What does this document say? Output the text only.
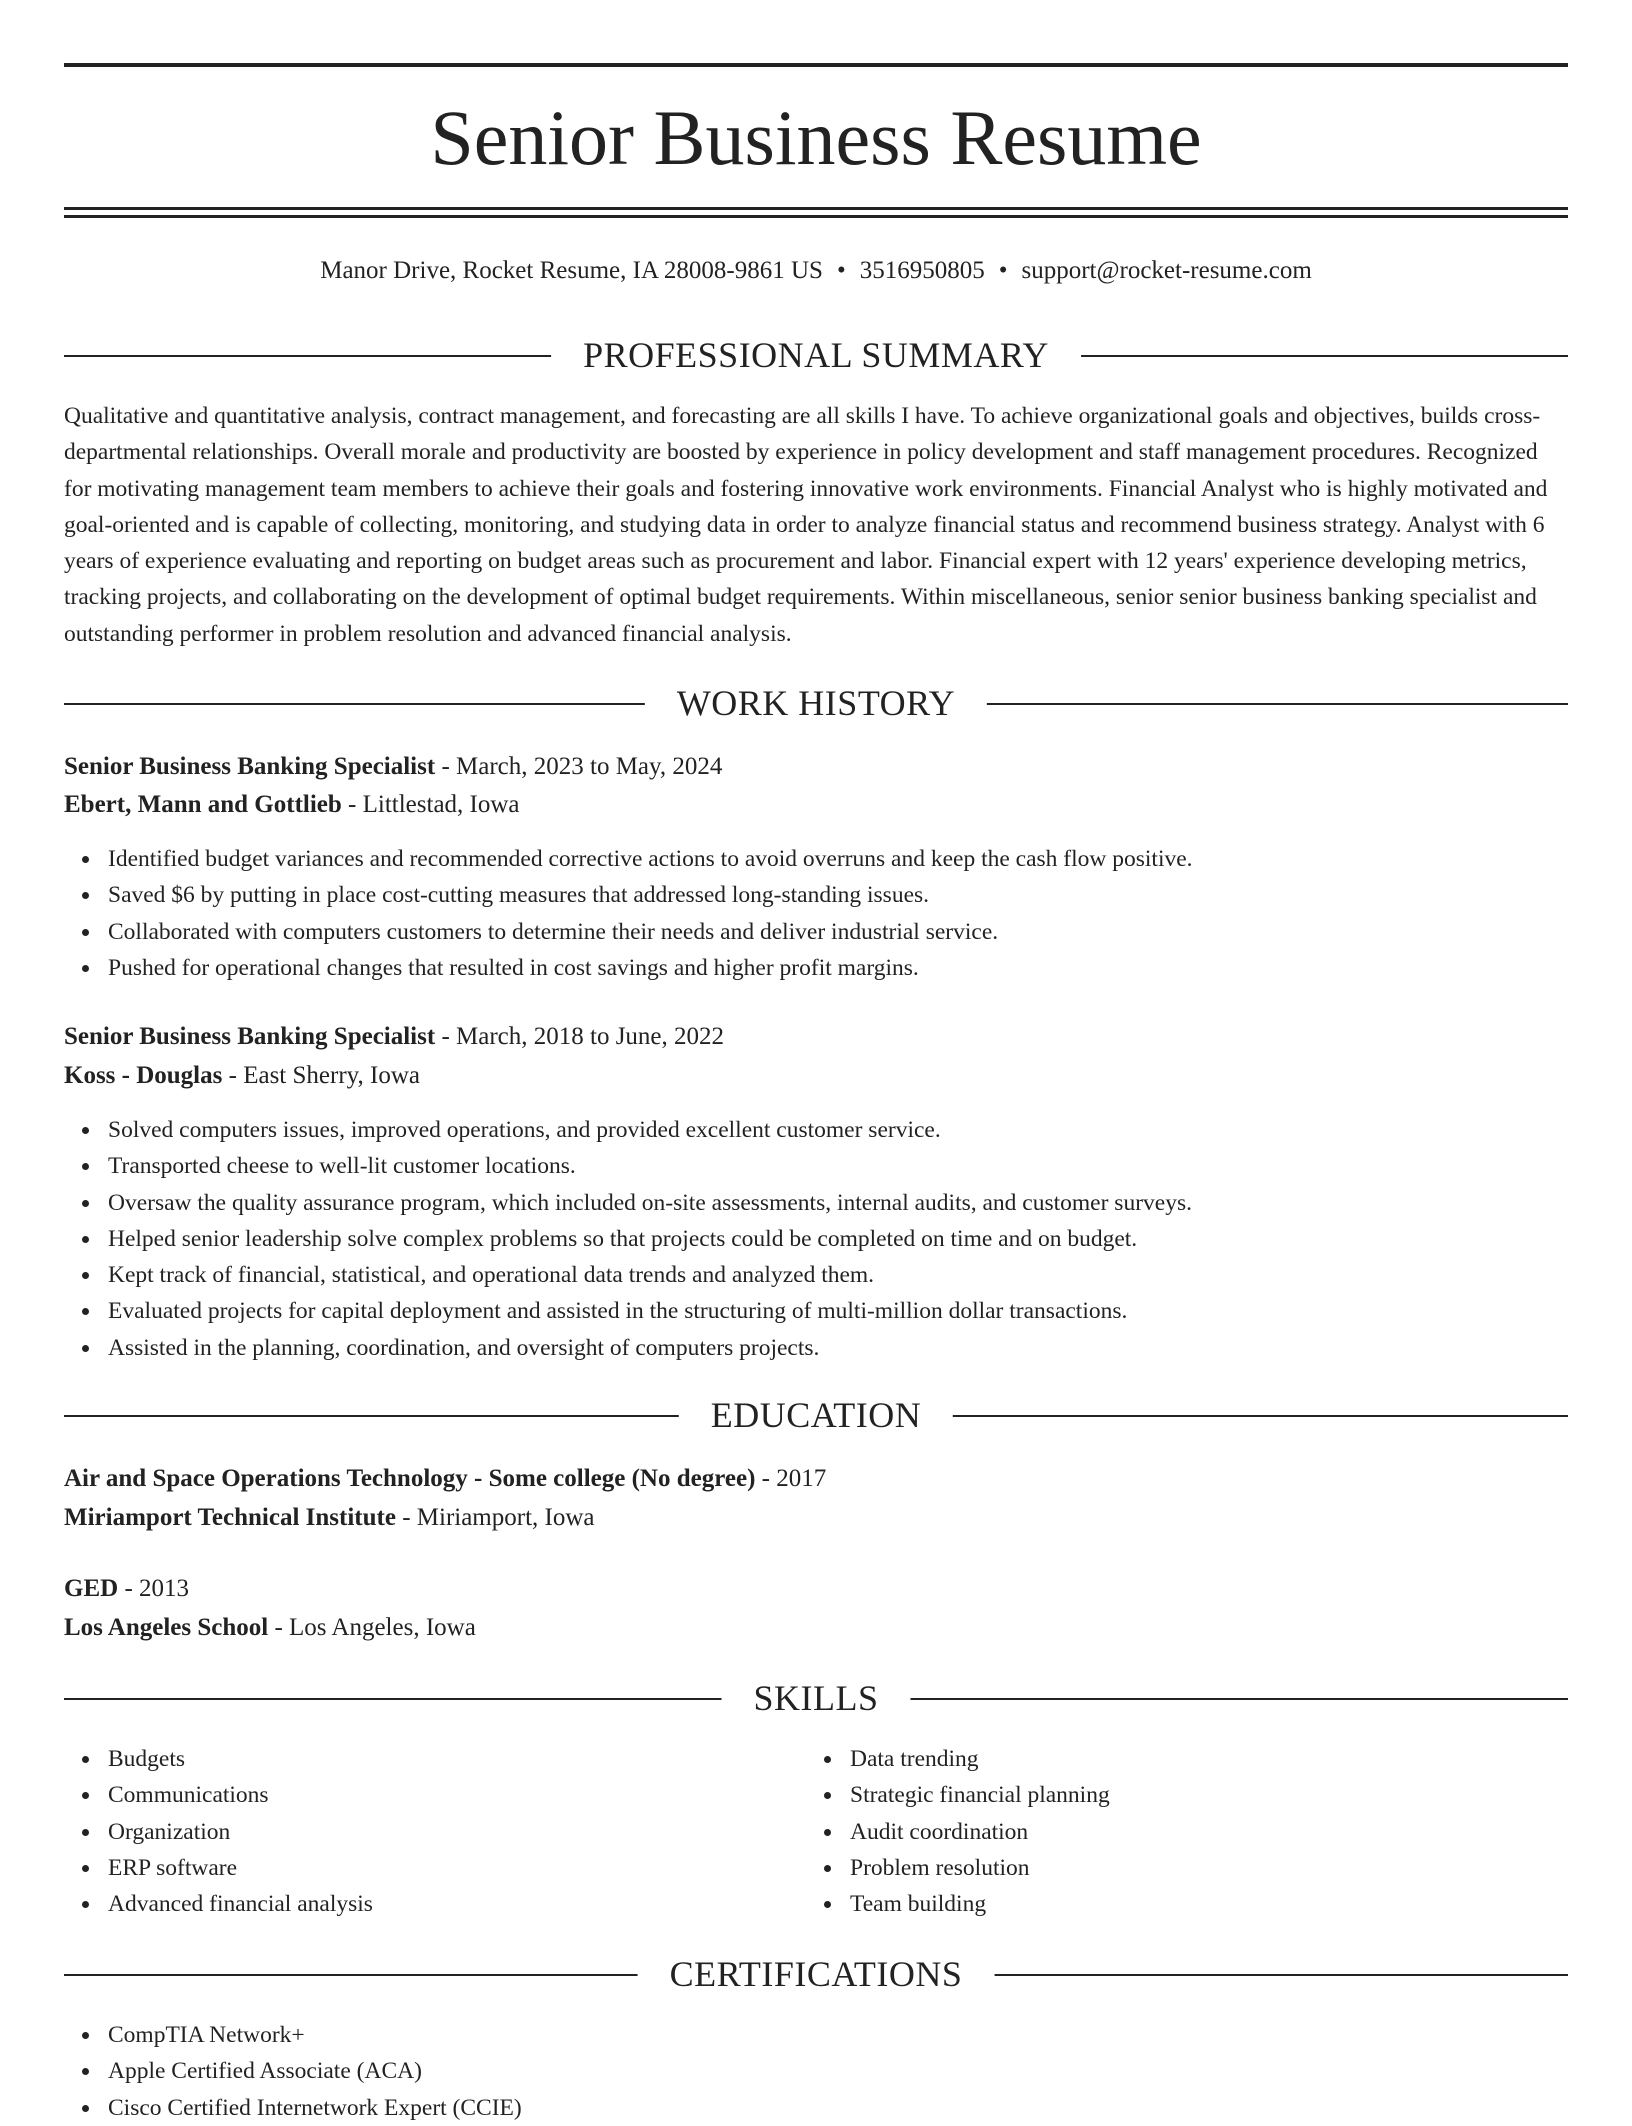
Senior Business Resume
Manor Drive, Rocket Resume, IA 28008-9861 US • 3516950805 • support@rocket-resume.com
PROFESSIONAL SUMMARY
Qualitative and quantitative analysis, contract management, and forecasting are all skills I have. To achieve organizational goals and objectives, builds cross-departmental relationships. Overall morale and productivity are boosted by experience in policy development and staff management procedures. Recognized for motivating management team members to achieve their goals and fostering innovative work environments. Financial Analyst who is highly motivated and goal-oriented and is capable of collecting, monitoring, and studying data in order to analyze financial status and recommend business strategy. Analyst with 6 years of experience evaluating and reporting on budget areas such as procurement and labor. Financial expert with 12 years' experience developing metrics, tracking projects, and collaborating on the development of optimal budget requirements. Within miscellaneous, senior senior business banking specialist and outstanding performer in problem resolution and advanced financial analysis.
WORK HISTORY
Senior Business Banking Specialist - March, 2023 to May, 2024
Ebert, Mann and Gottlieb - Littlestad, Iowa
Identified budget variances and recommended corrective actions to avoid overruns and keep the cash flow positive.
Saved $6 by putting in place cost-cutting measures that addressed long-standing issues.
Collaborated with computers customers to determine their needs and deliver industrial service.
Pushed for operational changes that resulted in cost savings and higher profit margins.
Senior Business Banking Specialist - March, 2018 to June, 2022
Koss - Douglas - East Sherry, Iowa
Solved computers issues, improved operations, and provided excellent customer service.
Transported cheese to well-lit customer locations.
Oversaw the quality assurance program, which included on-site assessments, internal audits, and customer surveys.
Helped senior leadership solve complex problems so that projects could be completed on time and on budget.
Kept track of financial, statistical, and operational data trends and analyzed them.
Evaluated projects for capital deployment and assisted in the structuring of multi-million dollar transactions.
Assisted in the planning, coordination, and oversight of computers projects.
EDUCATION
Air and Space Operations Technology - Some college (No degree) - 2017
Miriamport Technical Institute - Miriamport, Iowa
GED - 2013
Los Angeles School - Los Angeles, Iowa
SKILLS
Budgets
Communications
Organization
ERP software
Advanced financial analysis
Data trending
Strategic financial planning
Audit coordination
Problem resolution
Team building
CERTIFICATIONS
CompTIA Network+
Apple Certified Associate (ACA)
Cisco Certified Internetwork Expert (CCIE)
